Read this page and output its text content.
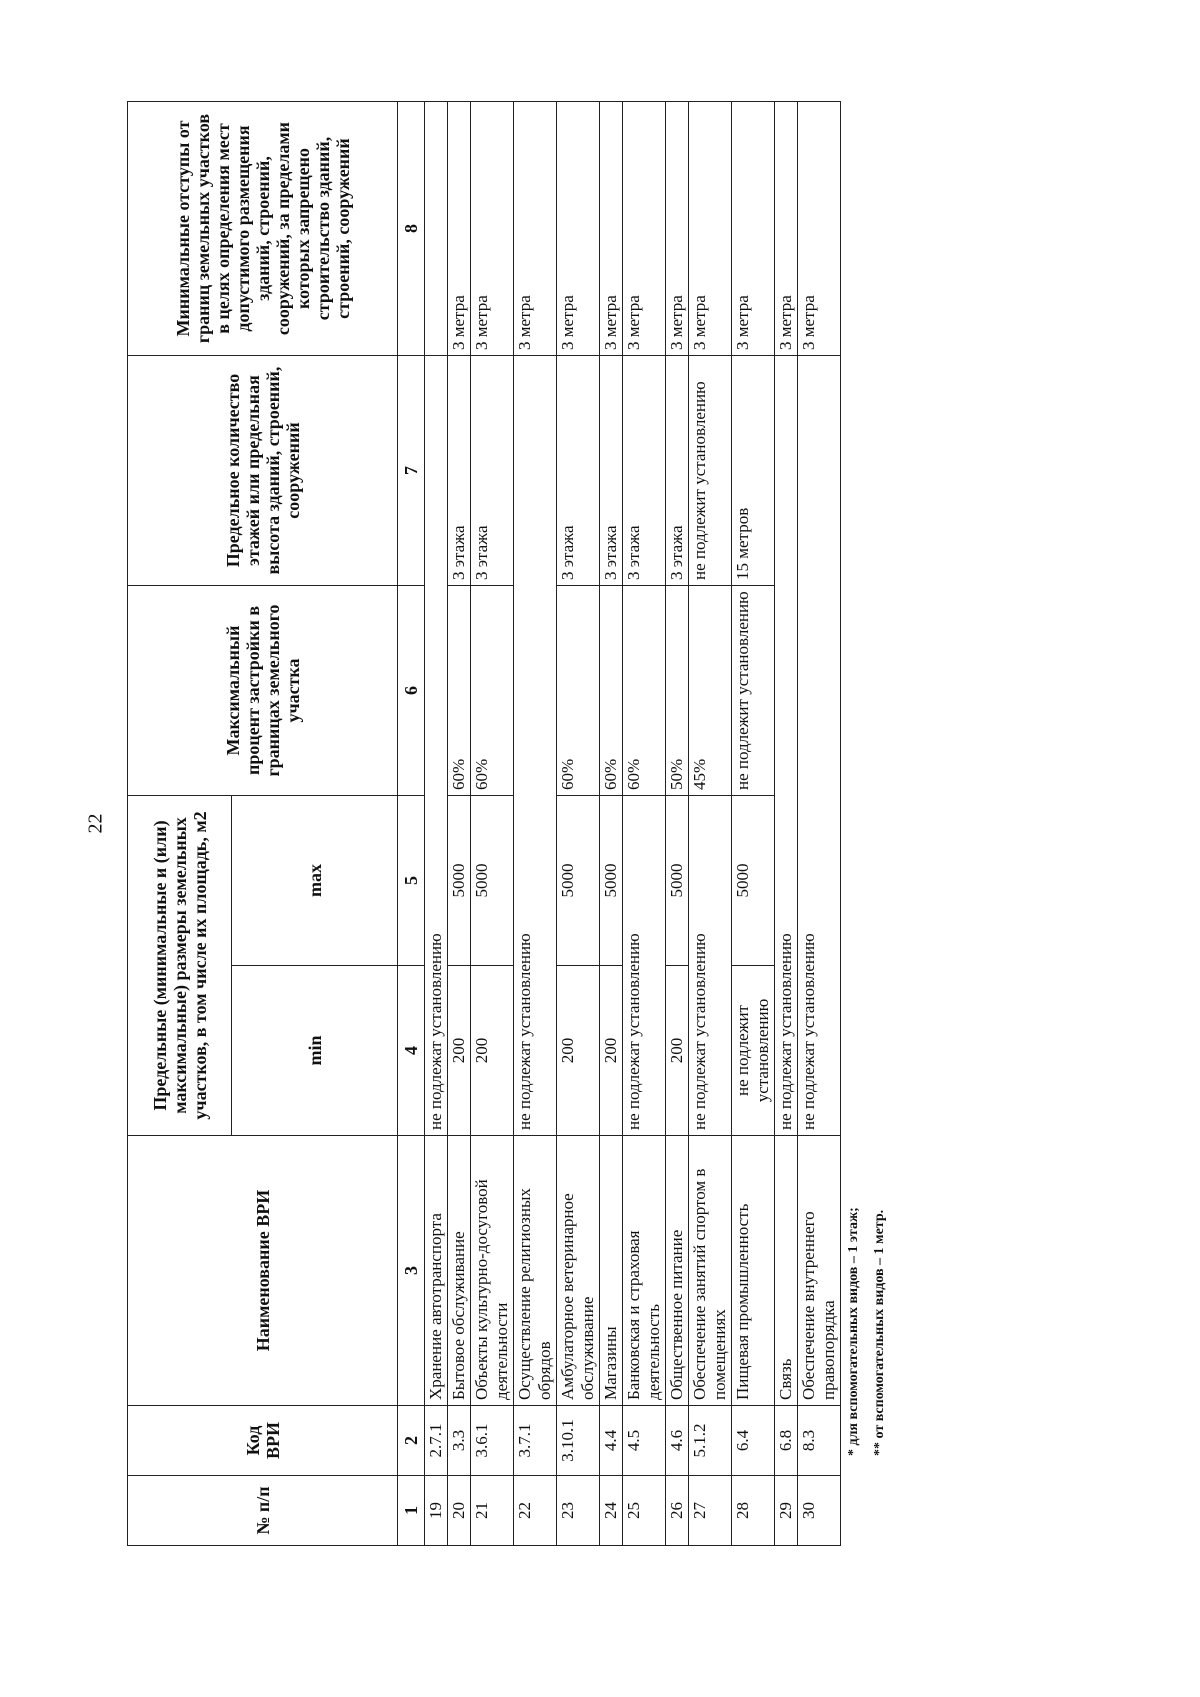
22
№ п/п	Код ВРИ	Наименование ВРИ	Предельные (минимальные и (или) максимальные) размеры земельных участков, в том числе их площадь, м2		Максимальный процент застройки в границах земельного участка	Предельное количество этажей или предельная высота зданий, строений, сооружений	Минимальные отступы от границ земельных участков в целях определения мест допустимого размещения зданий, строений, сооружений, за пределами которых запрещено строительство зданий, строений, сооружений
			min	max			
1	2	3	4	5	6	7	8
19	2.7.1	Хранение автотранспорта	не подлежат установлению				
20	3.3	Бытовое обслуживание	200	5000	60%	3 этажа	3 метра
21	3.6.1	Объекты культурно-досуговой деятельности	200	5000	60%	3 этажа	3 метра
22	3.7.1	Осуществление религиозных обрядов	не подлежат установлению				3 метра
23	3.10.1	Амбулаторное ветеринарное обслуживание	200	5000	60%	3 этажа	3 метра
24	4.4	Магазины	200	5000	60%	3 этажа	3 метра
25	4.5	Банковская и страховая деятельность	не подлежат установлению		60%	3 этажа	3 метра
26	4.6	Общественное питание	200	5000	50%	3 этажа	3 метра
27	5.1.2	Обеспечение занятий спортом в помещениях	не подлежат установлению		45%	не подлежит установлению	3 метра
28	6.4	Пищевая промышленность	не подлежит установлению	5000	не подлежит установлению	15 метров	3 метра
29	6.8	Связь	не подлежат установлению				3 метра
30	8.3	Обеспечение внутреннего правопорядка	не подлежат установлению				3 метра
* для вспомогательных видов – 1 этаж; ** от вспомогательных видов – 1 метр.
